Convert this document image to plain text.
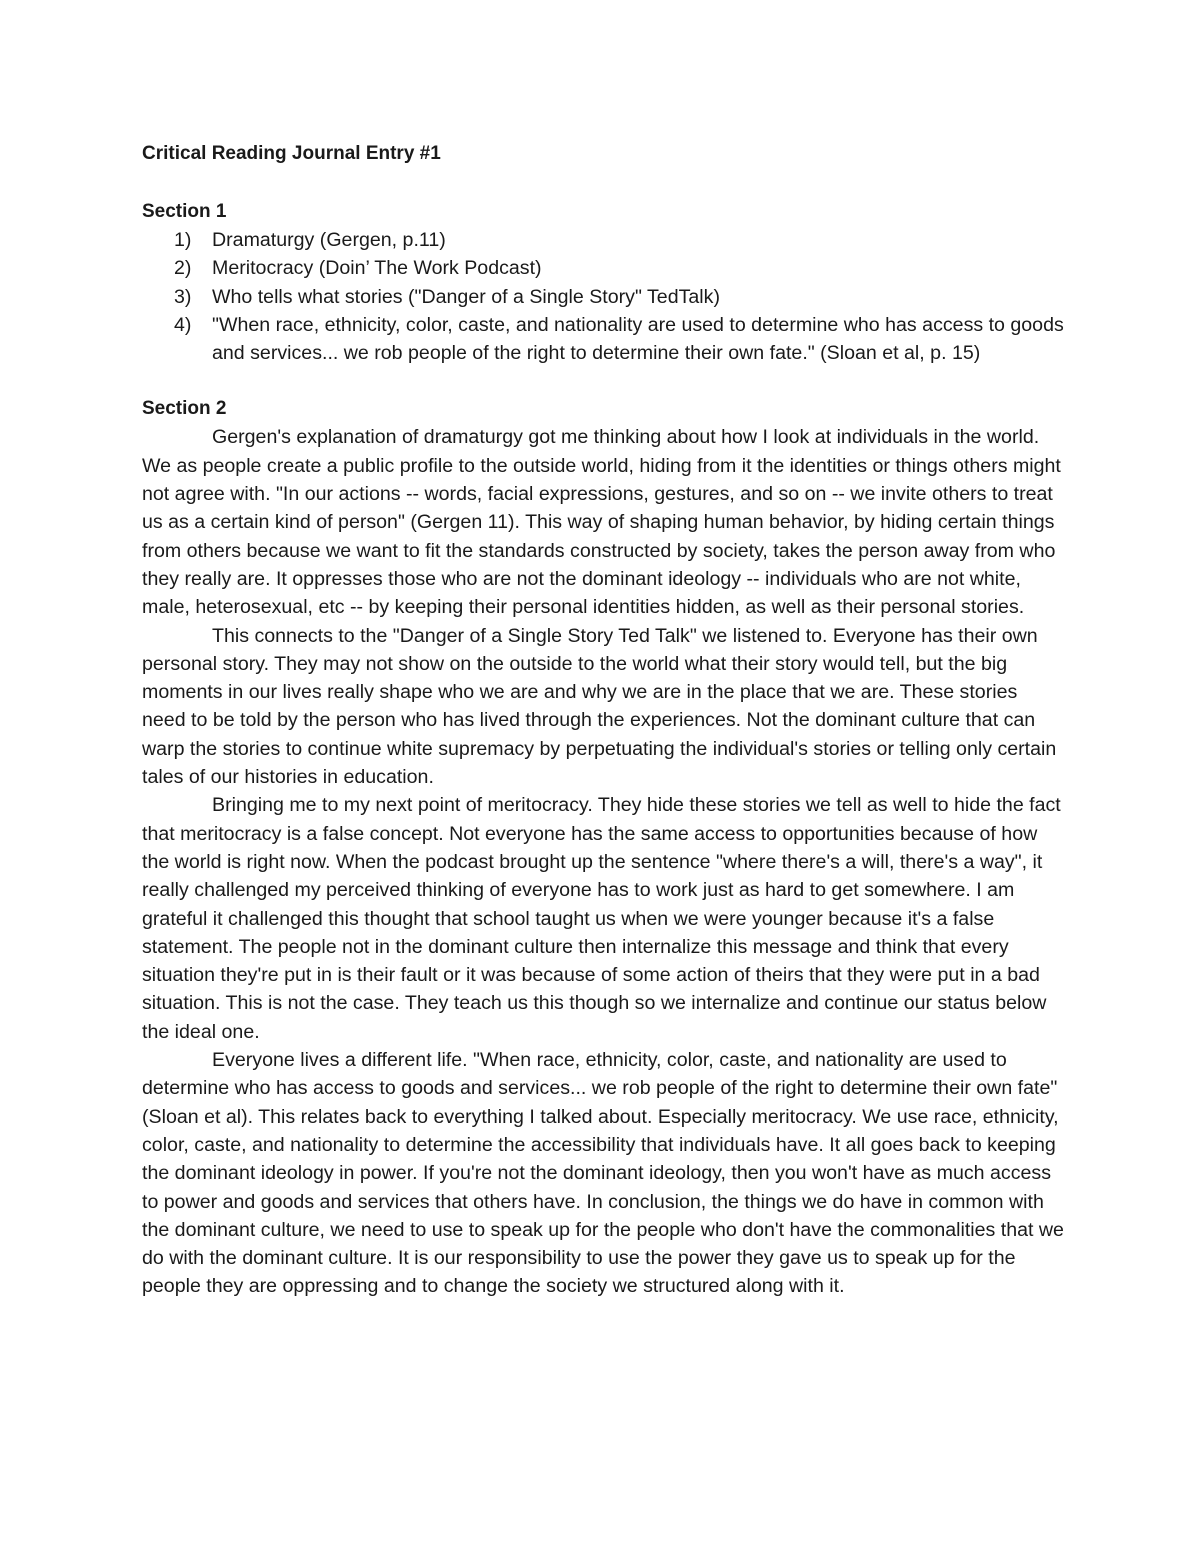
Critical Reading Journal Entry #1
Section 1
1) Dramaturgy (Gergen, p.11)
2) Meritocracy (Doin’ The Work Podcast)
3) Who tells what stories ("Danger of a Single Story" TedTalk)
4) "When race, ethnicity, color, caste, and nationality are used to determine who has access to goods and services... we rob people of the right to determine their own fate." (Sloan et al, p. 15)
Section 2

Gergen's explanation of dramaturgy got me thinking about how I look at individuals in the world. We as people create a public profile to the outside world, hiding from it the identities or things others might not agree with. "In our actions -- words, facial expressions, gestures, and so on -- we invite others to treat us as a certain kind of person" (Gergen 11). This way of shaping human behavior, by hiding certain things from others because we want to fit the standards constructed by society, takes the person away from who they really are. It oppresses those who are not the dominant ideology -- individuals who are not white, male, heterosexual, etc -- by keeping their personal identities hidden, as well as their personal stories.

This connects to the "Danger of a Single Story Ted Talk" we listened to. Everyone has their own personal story. They may not show on the outside to the world what their story would tell, but the big moments in our lives really shape who we are and why we are in the place that we are. These stories need to be told by the person who has lived through the experiences. Not the dominant culture that can warp the stories to continue white supremacy by perpetuating the individual's stories or telling only certain tales of our histories in education.

Bringing me to my next point of meritocracy. They hide these stories we tell as well to hide the fact that meritocracy is a false concept. Not everyone has the same access to opportunities because of how the world is right now. When the podcast brought up the sentence "where there's a will, there's a way", it really challenged my perceived thinking of everyone has to work just as hard to get somewhere. I am grateful it challenged this thought that school taught us when we were younger because it's a false statement. The people not in the dominant culture then internalize this message and think that every situation they're put in is their fault or it was because of some action of theirs that they were put in a bad situation. This is not the case. They teach us this though so we internalize and continue our status below the ideal one.

Everyone lives a different life. "When race, ethnicity, color, caste, and nationality are used to determine who has access to goods and services... we rob people of the right to determine their own fate" (Sloan et al). This relates back to everything I talked about. Especially meritocracy. We use race, ethnicity, color, caste, and nationality to determine the accessibility that individuals have. It all goes back to keeping the dominant ideology in power. If you're not the dominant ideology, then you won't have as much access to power and goods and services that others have. In conclusion, the things we do have in common with the dominant culture, we need to use to speak up for the people who don't have the commonalities that we do with the dominant culture. It is our responsibility to use the power they gave us to speak up for the people they are oppressing and to change the society we structured along with it.
